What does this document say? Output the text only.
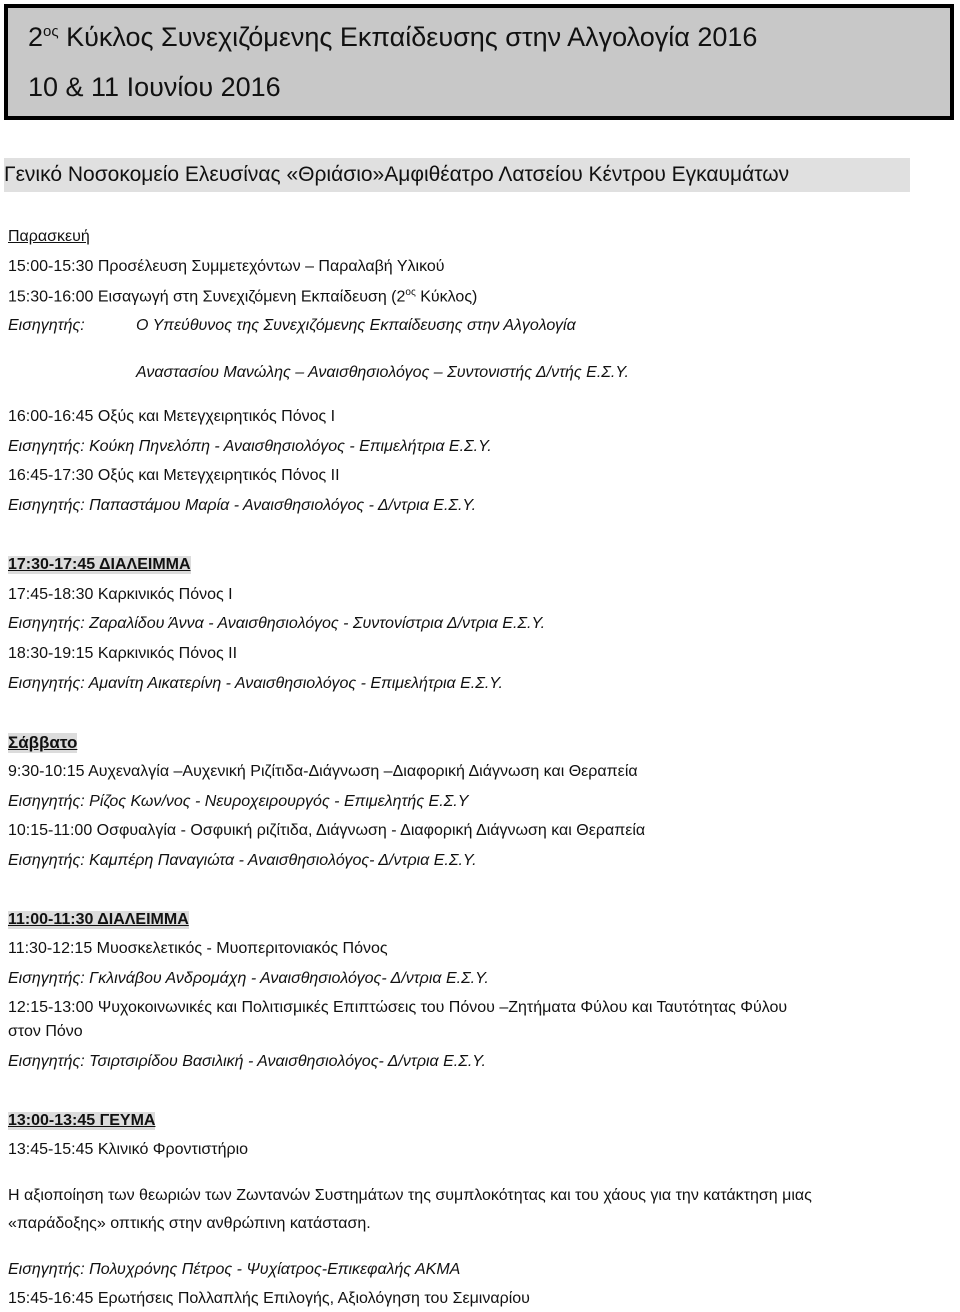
$2^{o\varsigma}$ Κύκλος Συνεχιζόμενης Εκπαίδευσης στην Αλγολογία 2016
10 & 11 Ιουνίου 2016
Γενικό Νοσοκομείο Ελευσίνας «Θριάσιο»Αμφιθέατρο Λατσείου Κέντρου Εγκαυμάτων
Παρασκευή
15:00-15:30 Προσέλευση Συμμετεχόντων – Παραλαβή Υλικού
15:30-16:00 Εισαγωγή στη Συνεχιζόμενη Εκπαίδευση ($2^{o\varsigma}$ Κύκλος)
Εισηγητής:	Ο Υπεύθυνος της Συνεχιζόμενης Εκπαίδευσης στην Αλγολογία
Αναστασίου Μανώλης – Αναισθησιολόγος – Συντονιστής Δ/ντής Ε.Σ.Υ.
16:00-16:45 Οξύς και Μετεγχειρητικός Πόνος Ι
Εισηγητής: Κούκη Πηνελόπη - Αναισθησιολόγος - Επιμελήτρια Ε.Σ.Υ.
16:45-17:30 Οξύς και Μετεγχειρητικός Πόνος ΙΙ
Εισηγητής: Παπαστάμου Μαρία - Αναισθησιολόγος - Δ/ντρια Ε.Σ.Υ.
17:30-17:45 ΔΙΑΛΕΙΜΜΑ
17:45-18:30 Καρκινικός Πόνος Ι
Εισηγητής: Ζαραλίδου Άννα - Αναισθησιολόγος - Συντονίστρια Δ/ντρια Ε.Σ.Υ.
18:30-19:15 Καρκινικός Πόνος ΙΙ
Εισηγητής: Αμανίτη Αικατερίνη - Αναισθησιολόγος - Επιμελήτρια Ε.Σ.Υ.
Σάββατο
9:30-10:15 Αυχεναλγία –Αυχενική Ριζίτιδα-Διάγνωση –Διαφορική Διάγνωση και Θεραπεία
Εισηγητής: Ρίζος Κων/νος - Νευροχειρουργός - Επιμελητής Ε.Σ.Υ
10:15-11:00 Οσφυαλγία - Οσφυική ριζίτιδα, Διάγνωση - Διαφορική Διάγνωση και Θεραπεία
Εισηγητής: Καμπέρη Παναγιώτα - Αναισθησιολόγος- Δ/ντρια Ε.Σ.Υ.
11:00-11:30 ΔΙΑΛΕΙΜΜΑ
11:30-12:15 Μυοσκελετικός - Μυοπεριτονιακός Πόνος
Εισηγητής: Γκλινάβου Ανδρομάχη - Αναισθησιολόγος- Δ/ντρια Ε.Σ.Υ.
12:15-13:00 Ψυχοκοινωνικές και Πολιτισμικές Επιπτώσεις του Πόνου –Ζητήματα Φύλου και Ταυτότητας Φύλου
στον Πόνο
Εισηγητής: Τσιρτσιρίδου Βασιλική - Αναισθησιολόγος- Δ/ντρια Ε.Σ.Υ.
13:00-13:45 ΓΕΥΜΑ
13:45-15:45 Κλινικό Φροντιστήριο
Η αξιοποίηση των θεωριών των Ζωντανών Συστημάτων της συμπλοκότητας και του χάους για την κατάκτηση μιας
«παράδοξης» οπτικής στην ανθρώπινη κατάσταση.
Εισηγητής: Πολυχρόνης Πέτρος - Ψυχίατρος-Επικεφαλής ΑΚΜΑ
15:45-16:45 Ερωτήσεις Πολλαπλής Επιλογής, Αξιολόγηση του Σεμιναρίου
